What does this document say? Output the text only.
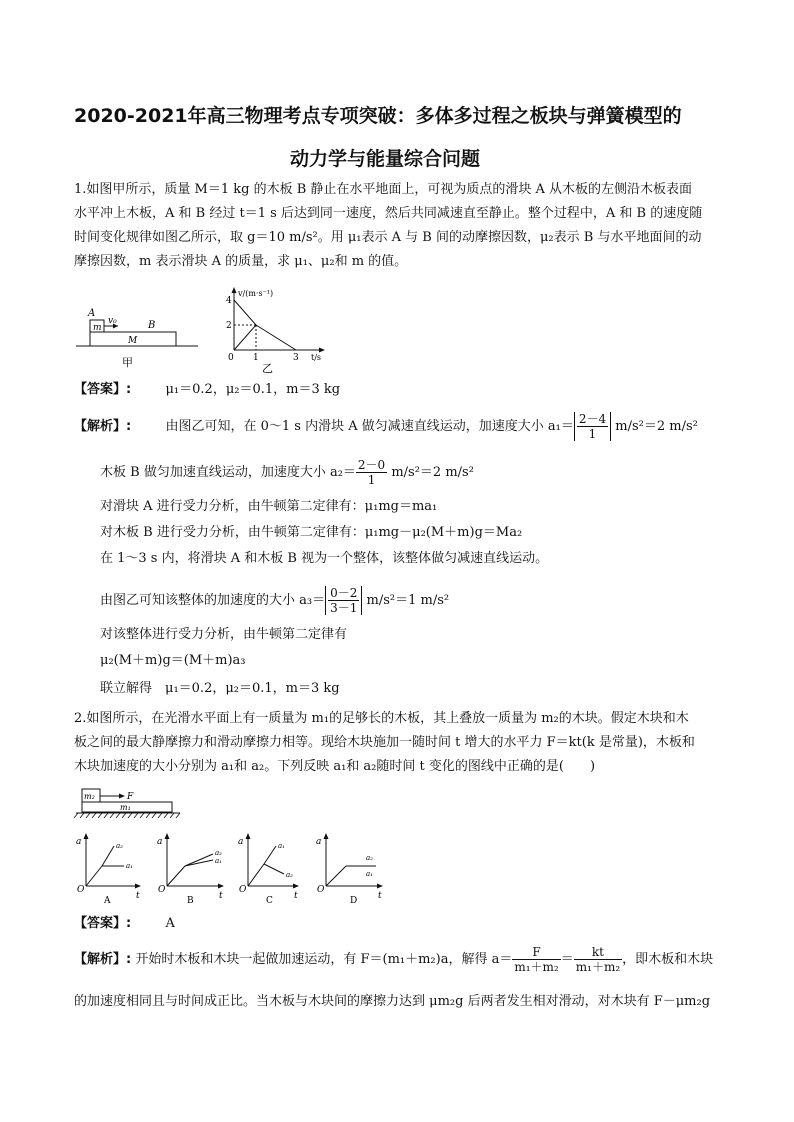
2020-2021年高三物理考点专项突破：多体多过程之板块与弹簧模型的
动力学与能量综合问题
1.如图甲所示，质量 M＝1 kg 的木板 B 静止在水平地面上，可视为质点的滑块 A 从木板的左侧沿木板表面
水平冲上木板，A 和 B 经过 t＝1 s 后达到同一速度，然后共同减速直至静止。整个过程中，A 和 B 的速度随
时间变化规律如图乙所示，取 g＝10 m/s²。用 μ₁表示 A 与 B 间的动摩擦因数，μ₂表示 B 与水平地面间的动
摩擦因数，m 表示滑块 A 的质量，求 μ₁、μ₂和 m 的值。
A
m
v₀	B
M
甲
v/(m·s⁻¹)
4
2
0 1	3 t/s
乙
【答案】:	μ₁＝0.2，μ₂＝0.1，m＝3 kg
【解析】:	由图乙可知，在 0～1 s 内滑块 A 做匀减速直线运动，加速度大小 $a_1= \frac{2-4}{1} m/s^2=2$ m/s²
木板 B 做匀加速直线运动，加速度大小 $a_2= \frac{2-0}{1} m/s^2=2$ m/s²
对滑块 A 进行受力分析，由牛顿第二定律有：μ₁mg＝ma₁
对木板 B 进行受力分析，由牛顿第二定律有：μ₁mg－μ₂(M＋m)g＝Ma₂
在 1～3 s 内，将滑块 A 和木板 B 视为一个整体，该整体做匀减速直线运动。
由图乙可知该整体的加速度的大小 $a_3= \frac{0-2}{3-1} m/s^2=1$ m/s²
对该整体进行受力分析，由牛顿第二定律有
μ₂(M＋m)g＝(M＋m)a₃
联立解得　μ₁＝0.2，μ₂＝0.1，m＝3 kg
2.如图所示，在光滑水平面上有一质量为 m₁的足够长的木板，其上叠放一质量为 m₂的木块。假定木块和木
板之间的最大静摩擦力和滑动摩擦力相等。现给木块施加一随时间 t 增大的水平力 F＝kt(k 是常量)，木板和
木块加速度的大小分别为 a₁和 a₂。下列反映 a₁和 a₂随时间 t 变化的图线中正确的是(　　)
m₂
m₁
F
a
O
t
a₂
a₁
A
a
O
t
a₂
a₁
B
a
O
t
a₁
a₂
C
a
O
t
a₂
a₁
D
【答案】:	A
【解析】: 开始时木板和木块一起做加速运动，有 F＝(m₁＋m₂)a，解得 $a= \frac{F}{\text{m₁＋m₂}} = \frac{kt}{\text{m₁＋m₂}}$ ，即木板和木块
的加速度相同且与时间成正比。当木板与木块间的摩擦力达到 μm₂g 后两者发生相对滑动，对木块有 F－μm₂g
